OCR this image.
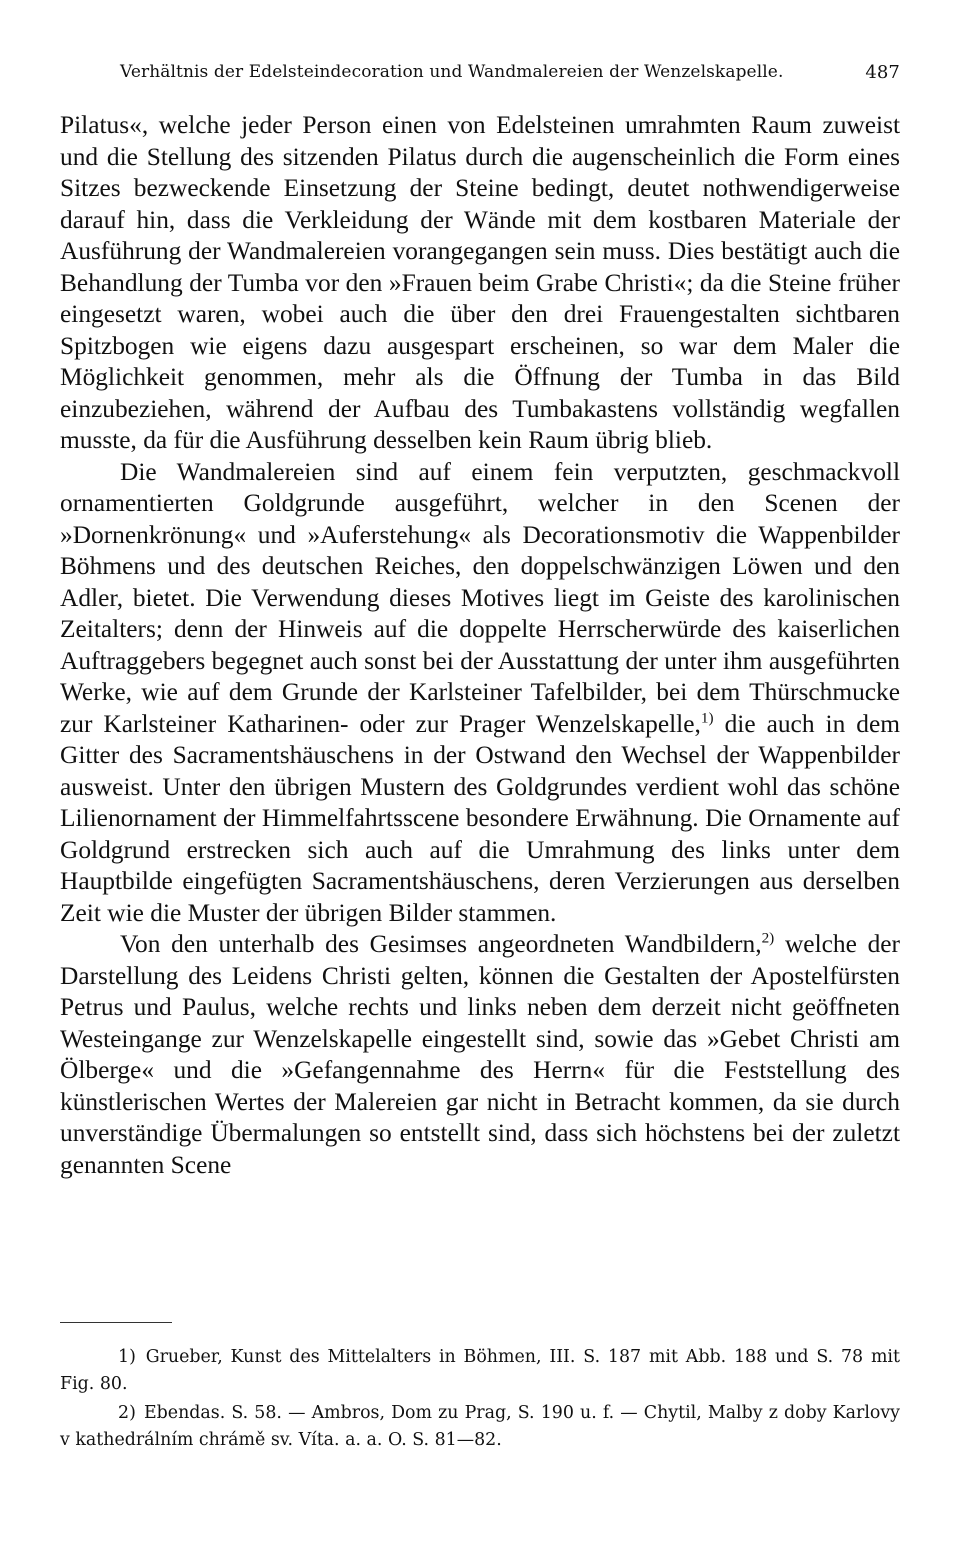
Verhältnis der Edelsteindecoration und Wandmalereien der Wenzelskapelle.	487

Pilatus«, welche jeder Person einen von Edelsteinen umrahmten Raum zuweist und die Stellung des sitzenden Pilatus durch die augenscheinlich die Form eines Sitzes bezweckende Einsetzung der Steine bedingt, deutet nothwendigerweise darauf hin, dass die Verkleidung der Wände mit dem kostbaren Materiale der Ausführung der Wandmalereien vorangegangen sein muss. Dies bestätigt auch die Behandlung der Tumba vor den »Frauen beim Grabe Christi«; da die Steine früher eingesetzt waren, wobei auch die über den drei Frauengestalten sichtbaren Spitzbogen wie eigens dazu ausgespart erscheinen, so war dem Maler die Möglichkeit genommen, mehr als die Öffnung der Tumba in das Bild einzubeziehen, während der Aufbau des Tumbakastens vollständig wegfallen musste, da für die Ausführung desselben kein Raum übrig blieb.

Die Wandmalereien sind auf einem fein verputzten, geschmackvoll ornamentierten Goldgrunde ausgeführt, welcher in den Scenen der »Dornenkrönung« und »Auferstehung« als Decorationsmotiv die Wappenbilder Böhmens und des deutschen Reiches, den doppelschwänzigen Löwen und den Adler, bietet. Die Verwendung dieses Motives liegt im Geiste des karolinischen Zeitalters; denn der Hinweis auf die doppelte Herrscherwürde des kaiserlichen Auftraggebers begegnet auch sonst bei der Ausstattung der unter ihm ausgeführten Werke, wie auf dem Grunde der Karlsteiner Tafelbilder, bei dem Thürschmucke zur Karlsteiner Katharinen- oder zur Prager Wenzelskapelle,$^{1)}$ die auch in dem Gitter des Sacramentshäuschens in der Ostwand den Wechsel der Wappenbilder ausweist. Unter den übrigen Mustern des Goldgrundes verdient wohl das schöne Lilienornament der Himmelfahrtsscene besondere Erwähnung. Die Ornamente auf Goldgrund erstrecken sich auch auf die Umrahmung des links unter dem Hauptbilde eingefügten Sacramentshäuschens, deren Verzierungen aus derselben Zeit wie die Muster der übrigen Bilder stammen.

Von den unterhalb des Gesimses angeordneten Wandbildern,$^{2)}$ welche der Darstellung des Leidens Christi gelten, können die Gestalten der Apostelfürsten Petrus und Paulus, welche rechts und links neben dem derzeit nicht geöffneten Westeingange zur Wenzelskapelle eingestellt sind, sowie das »Gebet Christi am Ölberge« und die »Gefangennahme des Herrn« für die Feststellung des künstlerischen Wertes der Malereien gar nicht in Betracht kommen, da sie durch unverständige Übermalungen so entstellt sind, dass sich höchstens bei der zuletzt genannten Scene

1) Grueber, Kunst des Mittelalters in Böhmen, III. S. 187 mit Abb. 188 und S. 78 mit Fig. 80.

2) Ebendas. S. 58. — Ambros, Dom zu Prag, S. 190 u. f. — Chytil, Malby z doby Karlovy v kathedrálním chrámě sv. Víta. a. a. O. S. 81—82.
